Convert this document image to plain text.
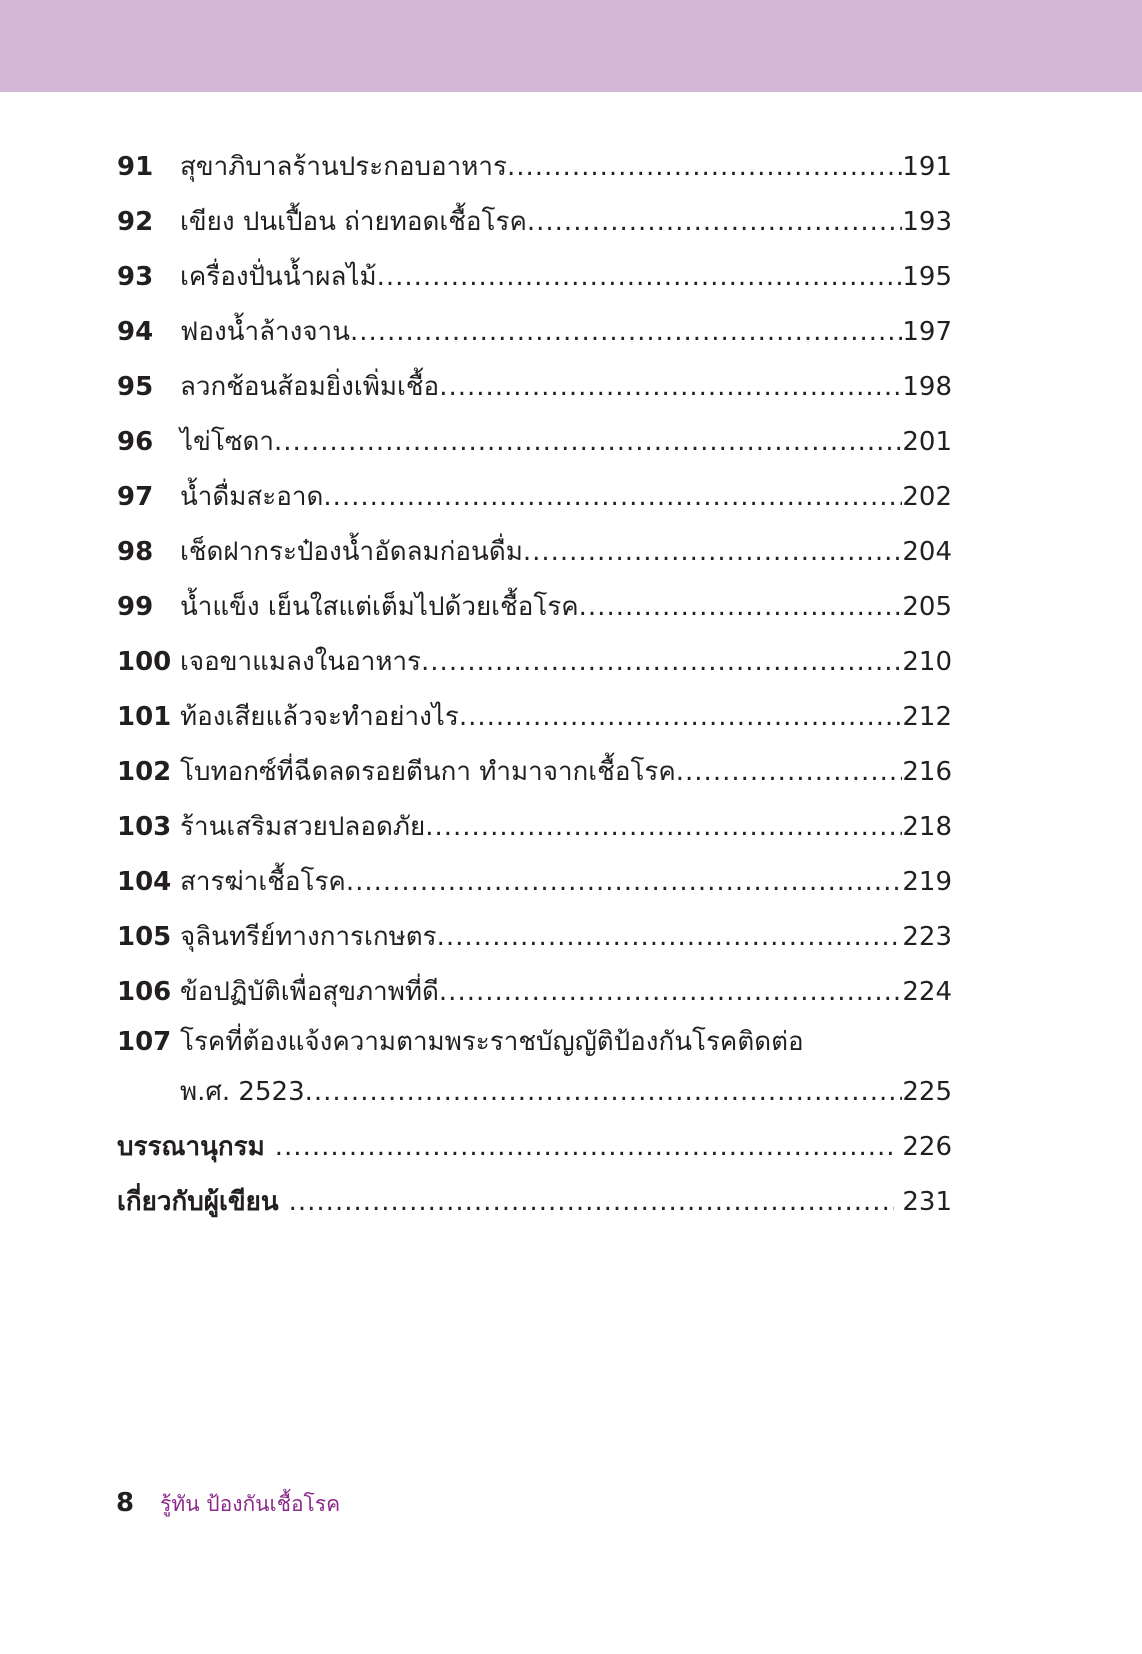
91	สุขาภิบาลร้านประกอบอาหาร .....	191
92	เขียง ปนเปื้อน ถ่ายทอดเชื้อโรค .....	193
93	เครื่องปั่นน้ำผลไม้ .....	195
94	ฟองน้ำล้างจาน .....	197
95	ลวกช้อนส้อมยิ่งเพิ่มเชื้อ .....	198
96	ไข่โซดา .....	201
97	น้ำดื่มสะอาด .....	202
98	เช็ดฝากระป๋องน้ำอัดลมก่อนดื่ม .....	204
99	น้ำแข็ง เย็นใสแต่เต็มไปด้วยเชื้อโรค .....	205
100 เจอขาแมลงในอาหาร .....	210
101 ท้องเสียแล้วจะทำอย่างไร .....	212
102 โบทอกซ์ที่ฉีดลดรอยตีนกา ทำมาจากเชื้อโรค .....	216
103 ร้านเสริมสวยปลอดภัย .....	218
104 สารฆ่าเชื้อโรค .....	219
105 จุลินทรีย์ทางการเกษตร .....	223
106 ข้อปฏิบัติเพื่อสุขภาพที่ดี .....	224
107 โรคที่ต้องแจ้งความตามพระราชบัญญัติป้องกันโรคติดต่อ
พ.ศ. 2523 .....	225
บรรณานุกรม .....	226
เกี่ยวกับผู้เขียน .....	231
8 รู้ทัน ป้องกันเชื้อโรค
